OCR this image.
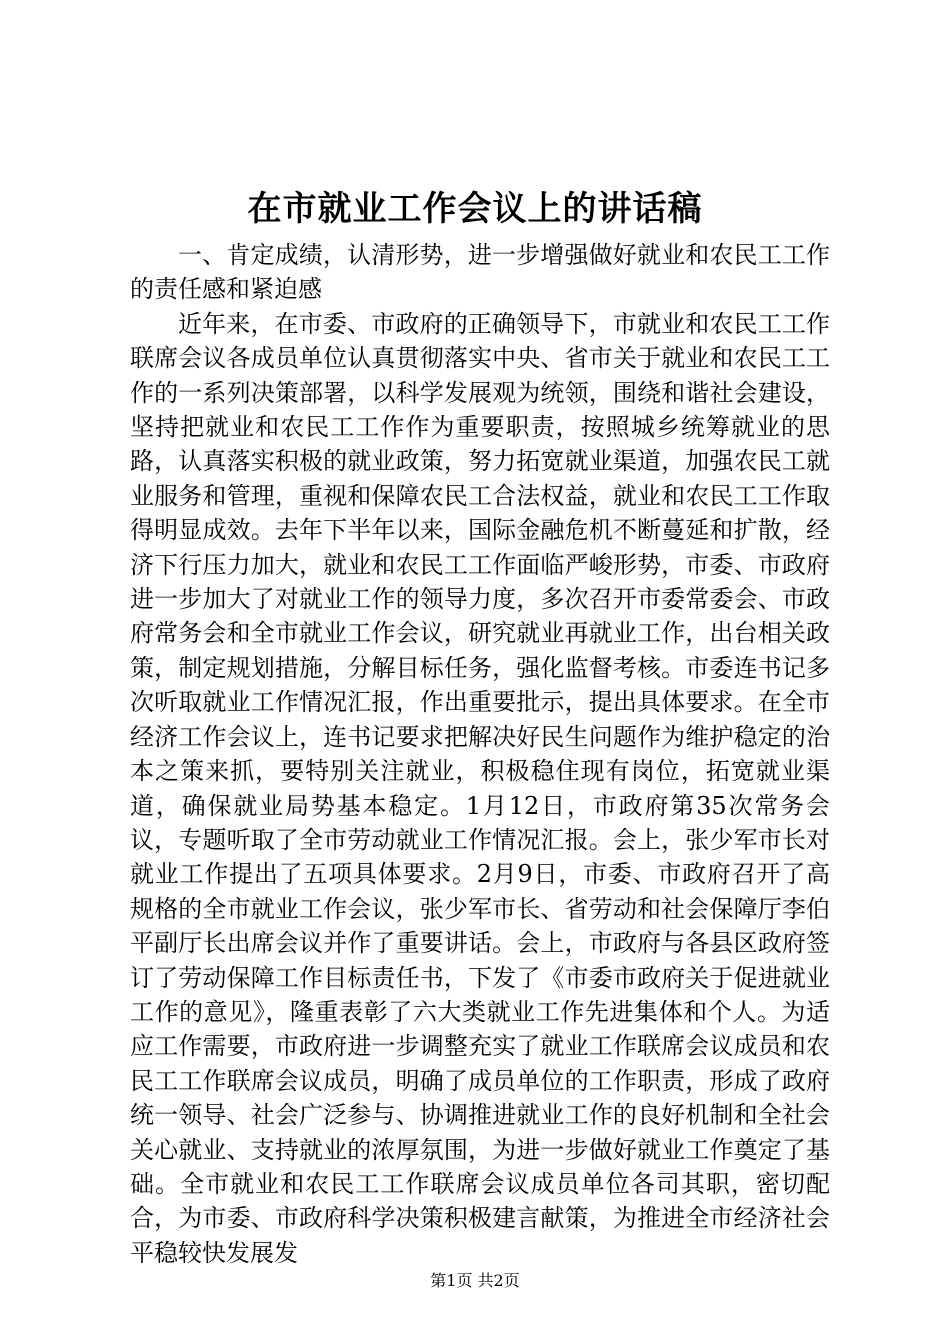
在市就业工作会议上的讲话稿

一、肯定成绩，认清形势，进一步增强做好就业和农民工工作的责任感和紧迫感

近年来，在市委、市政府的正确领导下，市就业和农民工工作联席会议各成员单位认真贯彻落实中央、省市关于就业和农民工工作的一系列决策部署，以科学发展观为统领，围绕和谐社会建设，坚持把就业和农民工工作作为重要职责，按照城乡统筹就业的思路，认真落实积极的就业政策，努力拓宽就业渠道，加强农民工就业服务和管理，重视和保障农民工合法权益，就业和农民工工作取得明显成效。去年下半年以来，国际金融危机不断蔓延和扩散，经济下行压力加大，就业和农民工工作面临严峻形势，市委、市政府进一步加大了对就业工作的领导力度，多次召开市委常委会、市政府常务会和全市就业工作会议，研究就业再就业工作，出台相关政策，制定规划措施，分解目标任务，强化监督考核。市委连书记多次听取就业工作情况汇报，作出重要批示，提出具体要求。在全市经济工作会议上，连书记要求把解决好民生问题作为维护稳定的治本之策来抓，要特别关注就业，积极稳住现有岗位，拓宽就业渠道，确保就业局势基本稳定。1月12日，市政府第35次常务会议，专题听取了全市劳动就业工作情况汇报。会上，张少军市长对就业工作提出了五项具体要求。2月9日，市委、市政府召开了高规格的全市就业工作会议，张少军市长、省劳动和社会保障厅李伯平副厅长出席会议并作了重要讲话。会上，市政府与各县区政府签订了劳动保障工作目标责任书，下发了《市委市政府关于促进就业工作的意见》，隆重表彰了六大类就业工作先进集体和个人。为适应工作需要，市政府进一步调整充实了就业工作联席会议成员和农民工工作联席会议成员，明确了成员单位的工作职责，形成了政府统一领导、社会广泛参与、协调推进就业工作的良好机制和全社会关心就业、支持就业的浓厚氛围，为进一步做好就业工作奠定了基础。全市就业和农民工工作联席会议成员单位各司其职，密切配合，为市委、市政府科学决策积极建言献策，为推进全市经济社会平稳较快发展发

第1页 共2页
